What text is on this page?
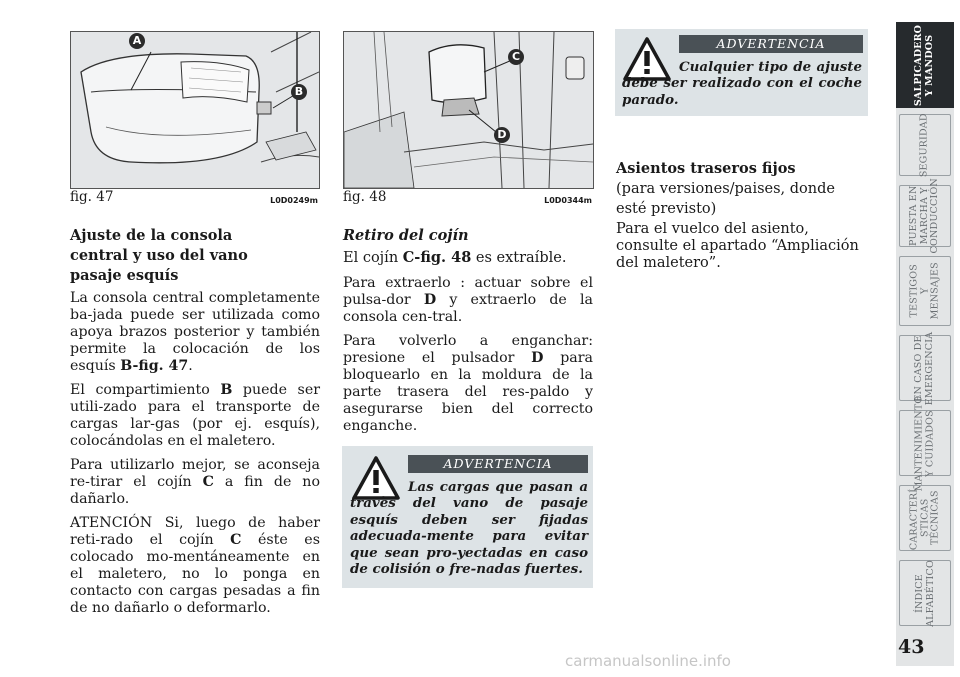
A
B
fig. 47	L0D0249m
C
D
fig. 48	L0D0344m
Ajuste de la consola
central y uso del vano
pasaje esquís

La consola central completamente ba-jada puede ser utilizada como apoya brazos posterior y también permite la colocación de los esquís B-fig. 47.

El compartimiento B puede ser utili-zado para el transporte de cargas lar-gas (por ej. esquís), colocándolas en el maletero.

Para utilizarlo mejor, se aconseja re-tirar el cojín C a fin de no dañarlo.

ATENCIÓN Si, luego de haber reti-rado el cojín C éste es colocado mo-mentáneamente en el maletero, no lo ponga en contacto con cargas pesadas a fin de no dañarlo o deformarlo.

Retiro del cojín

El cojín C-fig. 48 es extraíble.

Para extraerlo : actuar sobre el pulsa-dor D y extraerlo de la consola cen-tral.

Para volverlo a enganchar: presione el pulsador D para bloquearlo en la moldura de la parte trasera del res-paldo y asegurarse bien del correcto enganche.

ADVERTENCIA
Las cargas que pasan a travès del vano de pasaje esquís deben ser fijadas adecuada-mente para evitar que sean pro-yectadas en caso de colisión o fre-nadas fuertes.
ADVERTENCIA
Cualquier tipo de ajuste debe ser realizado con el coche parado.
Asientos traseros fijos

(para versiones/paises, donde esté previsto)

Para el vuelco del asiento, consulte el apartado “Ampliación del maletero”.

SALPICADERO
Y MANDOS
SEGURIDAD
PUESTA EN
MARCHA Y
CONDUCCIÓN
TESTIGOS Y
MENSAJES
EN CASO DE
EMERGENCIA
MANTENIMIENTO
Y CUIDADOS
CARACTERÍ-
STICAS
TÉCNICAS
ÍNDICE
ALFABÉTICO
43
carmanualsonline.info
